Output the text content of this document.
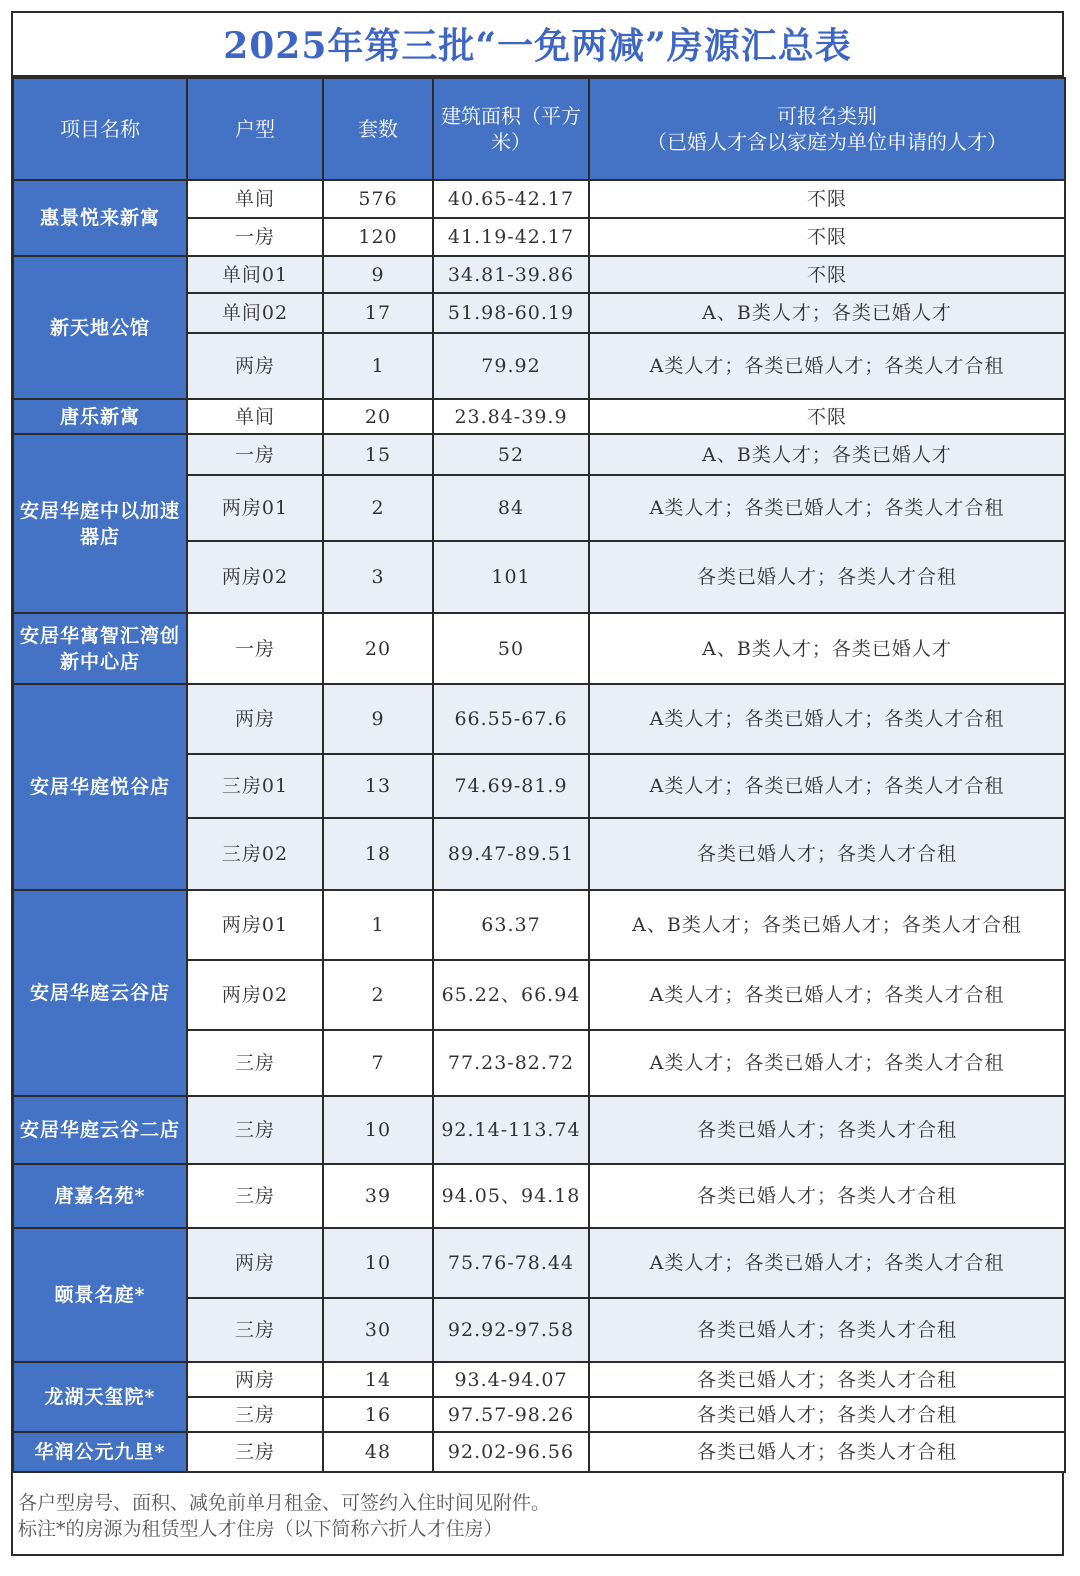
2025年第三批“一免两减”房源汇总表
项目名称	户型	套数	建筑面积（平方米）	可报名类别
（已婚人才含以家庭为单位申请的人才）

惠景悦来新寓	单间	576	40.65-42.17	不限
	一房	120	41.19-42.17	不限
新天地公馆	单间01	9	34.81-39.86	不限
	单间02	17	51.98-60.19	A、B类人才；各类已婚人才
	两房	1	79.92	A类人才；各类已婚人才；各类人才合租
唐乐新寓	单间	20	23.84-39.9	不限
安居华庭中以加速器店	一房	15	52	A、B类人才；各类已婚人才
	两房01	2	84	A类人才；各类已婚人才；各类人才合租
	两房02	3	101	各类已婚人才；各类人才合租
安居华寓智汇湾创新中心店	一房	20	50	A、B类人才；各类已婚人才
安居华庭悦谷店	两房	9	66.55-67.6	A类人才；各类已婚人才；各类人才合租
	三房01	13	74.69-81.9	A类人才；各类已婚人才；各类人才合租
	三房02	18	89.47-89.51	各类已婚人才；各类人才合租
安居华庭云谷店	两房01	1	63.37	A、B类人才；各类已婚人才；各类人才合租
	两房02	2	65.22、66.94	A类人才；各类已婚人才；各类人才合租
	三房	7	77.23-82.72	A类人才；各类已婚人才；各类人才合租
安居华庭云谷二店	三房	10	92.14-113.74	各类已婚人才；各类人才合租
唐嘉名苑*	三房	39	94.05、94.18	各类已婚人才；各类人才合租
颐景名庭*	两房	10	75.76-78.44	A类人才；各类已婚人才；各类人才合租
	三房	30	92.92-97.58	各类已婚人才；各类人才合租
龙湖天玺院*	两房	14	93.4-94.07	各类已婚人才；各类人才合租
	三房	16	97.57-98.26	各类已婚人才；各类人才合租
华润公元九里*	三房	48	92.02-96.56	各类已婚人才；各类人才合租
各户型房号、面积、减免前单月租金、可签约入住时间见附件。
标注*的房源为租赁型人才住房（以下简称六折人才住房）
